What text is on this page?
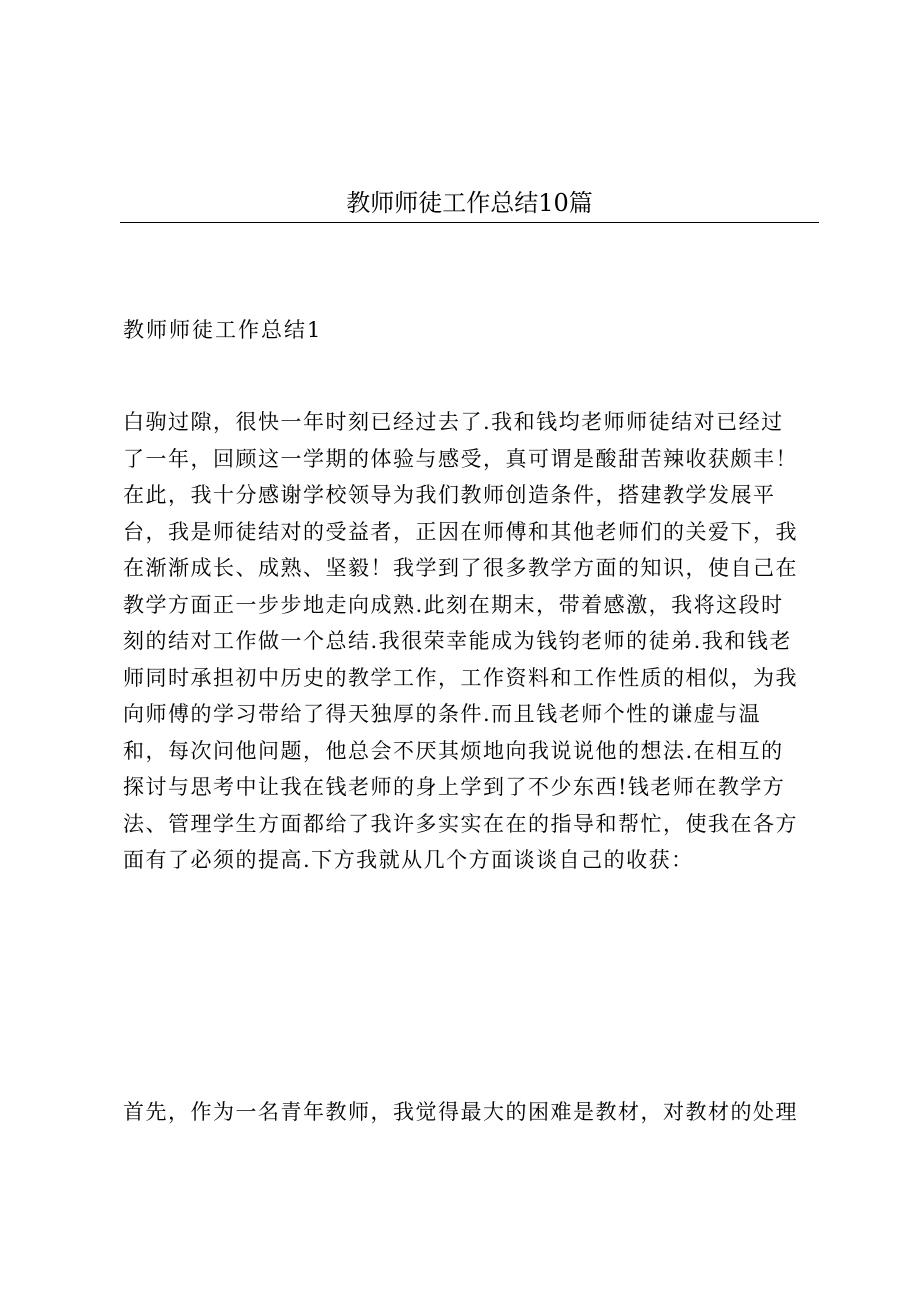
教师师徒工作总结10篇
教师师徒工作总结1
白驹过隙，很快一年时刻已经过去了.我和钱均老师师徒结对已经过
了一年，回顾这一学期的体验与感受，真可谓是酸甜苦辣收获颇丰！
在此，我十分感谢学校领导为我们教师创造条件，搭建教学发展平
台，我是师徒结对的受益者，正因在师傅和其他老师们的关爱下，我
在渐渐成长、成熟、坚毅！我学到了很多教学方面的知识，使自己在
教学方面正一步步地走向成熟.此刻在期末，带着感激，我将这段时
刻的结对工作做一个总结.我很荣幸能成为钱钧老师的徒弟.我和钱老
师同时承担初中历史的教学工作，工作资料和工作性质的相似，为我
向师傅的学习带给了得天独厚的条件.而且钱老师个性的谦虚与温
和，每次问他问题，他总会不厌其烦地向我说说他的想法.在相互的
探讨与思考中让我在钱老师的身上学到了不少东西!钱老师在教学方
法、管理学生方面都给了我许多实实在在的指导和帮忙，使我在各方
面有了必须的提高.下方我就从几个方面谈谈自己的收获：
首先，作为一名青年教师，我觉得最大的困难是教材，对教材的处理
